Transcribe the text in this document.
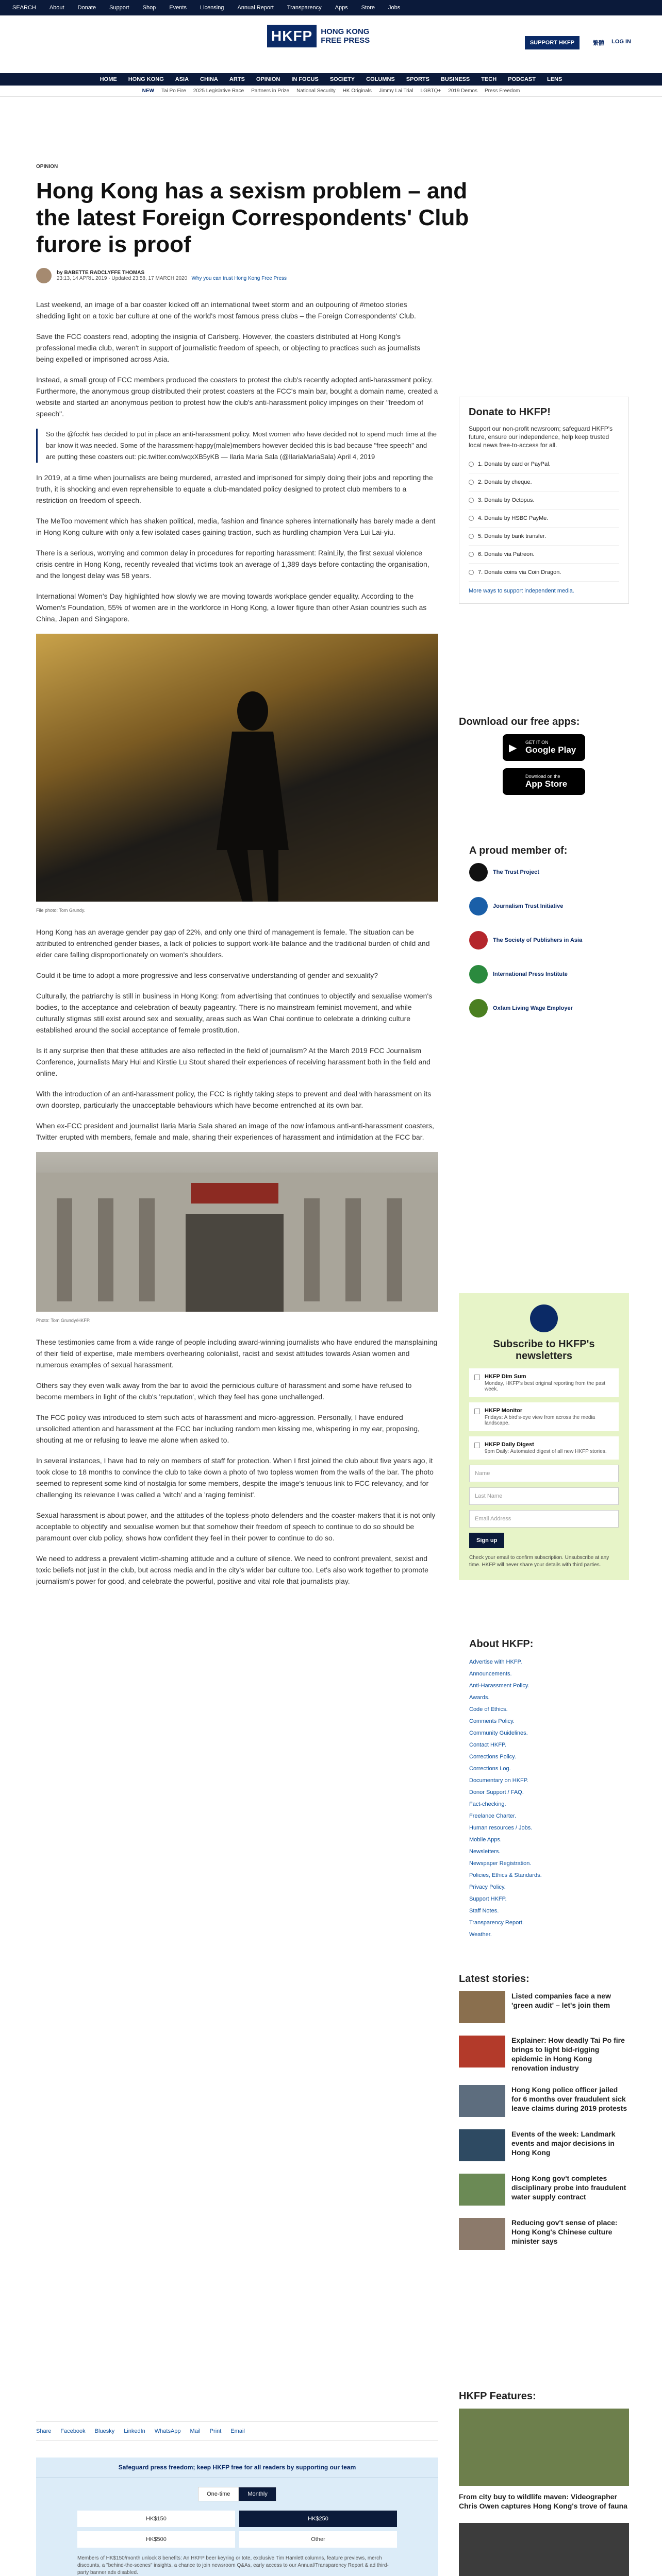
SEARCH About Donate Support Shop Events Licensing Annual Report Transparency Apps Store Jobs
HKFP	HONG KONG
FREE PRESS	SUPPORT HKFP	繁體 LOG IN
HOME HONG KONG ASIA CHINA ARTS OPINION IN FOCUS SOCIETY COLUMNS SPORTS BUSINESS TECH PODCAST LENS
NEW Tai Po Fire 2025 Legislative Race Partners in Prize National Security HK Originals Jimmy Lai Trial LGBTQ+ 2019 Demos Press Freedom
OPINION
Hong Kong has a sexism problem – and the latest Foreign Correspondents' Club furore is proof
by BABETTE RADCLYFFE THOMAS
23:13, 14 APRIL 2019 · Updated 23:58, 17 MARCH 2020 Why you can trust Hong Kong Free Press

Last weekend, an image of a bar coaster kicked off an international tweet storm and an outpouring of #metoo stories shedding light on a toxic bar culture at one of the world's most famous press clubs – the Foreign Correspondents' Club.

Save the FCC coasters read, adopting the insignia of Carlsberg. However, the coasters distributed at Hong Kong's professional media club, weren't in support of journalistic freedom of speech, or objecting to practices such as journalists being expelled or imprisoned across Asia.

Instead, a small group of FCC members produced the coasters to protest the club's recently adopted anti-harassment policy. Furthermore, the anonymous group distributed their protest coasters at the FCC's main bar, bought a domain name, created a website and started an anonymous petition to protest how the club's anti-harassment policy impinges on their "freedom of speech".

So the @fcchk has decided to put in place an anti-harassment policy. Most women who have decided not to spend much time at the bar know it was needed. Some of the harassment-happy(male)members however decided this is bad because "free speech" and are putting these coasters out: pic.twitter.com/wqxXB5yKB — Ilaria Maria Sala (@IlariaMariaSala) April 4, 2019

In 2019, at a time when journalists are being murdered, arrested and imprisoned for simply doing their jobs and reporting the truth, it is shocking and even reprehensible to equate a club-mandated policy designed to protect club members to a restriction on freedom of speech.

The MeToo movement which has shaken political, media, fashion and finance spheres internationally has barely made a dent in Hong Kong culture with only a few isolated cases gaining traction, such as hurdling champion Vera Lui Lai-yiu.

There is a serious, worrying and common delay in procedures for reporting harassment: RainLily, the first sexual violence crisis centre in Hong Kong, recently revealed that victims took an average of 1,389 days before contacting the organisation, and the longest delay was 58 years.

International Women's Day highlighted how slowly we are moving towards workplace gender equality. According to the Women's Foundation, 55% of women are in the workforce in Hong Kong, a lower figure than other Asian countries such as China, Japan and Singapore.

File photo: Tom Grundy.

Hong Kong has an average gender pay gap of 22%, and only one third of management is female. The situation can be attributed to entrenched gender biases, a lack of policies to support work-life balance and the traditional burden of child and elder care falling disproportionately on women's shoulders.

Could it be time to adopt a more progressive and less conservative understanding of gender and sexuality?

Culturally, the patriarchy is still in business in Hong Kong: from advertising that continues to objectify and sexualise women's bodies, to the acceptance and celebration of beauty pageantry. There is no mainstream feminist movement, and while culturally stigmas still exist around sex and sexuality, areas such as Wan Chai continue to celebrate a drinking culture established around the social acceptance of female prostitution.

Is it any surprise then that these attitudes are also reflected in the field of journalism? At the March 2019 FCC Journalism Conference, journalists Mary Hui and Kirstie Lu Stout shared their experiences of receiving harassment both in the field and online.

With the introduction of an anti-harassment policy, the FCC is rightly taking steps to prevent and deal with harassment on its own doorstep, particularly the unacceptable behaviours which have become entrenched at its own bar.

When ex-FCC president and journalist Ilaria Maria Sala shared an image of the now infamous anti-anti-harassment coasters, Twitter erupted with members, female and male, sharing their experiences of harassment and intimidation at the FCC bar.

Photo: Tom Grundy/HKFP.

These testimonies came from a wide range of people including award-winning journalists who have endured the mansplaining of their field of expertise, male members overhearing colonialist, racist and sexist attitudes towards Asian women and numerous examples of sexual harassment.

Others say they even walk away from the bar to avoid the pernicious culture of harassment and some have refused to become members in light of the club's 'reputation', which they feel has gone unchallenged.

The FCC policy was introduced to stem such acts of harassment and micro-aggression. Personally, I have endured unsolicited attention and harassment at the FCC bar including random men kissing me, whispering in my ear, proposing, shouting at me or refusing to leave me alone when asked to.

In several instances, I have had to rely on members of staff for protection. When I first joined the club about five years ago, it took close to 18 months to convince the club to take down a photo of two topless women from the walls of the bar. The photo seemed to represent some kind of nostalgia for some members, despite the image's tenuous link to FCC relevancy, and for challenging its relevance I was called a 'witch' and a 'raging feminist'.

Sexual harassment is about power, and the attitudes of the topless-photo defenders and the coaster-makers that it is not only acceptable to objectify and sexualise women but that somehow their freedom of speech to continue to do so should be paramount over club policy, shows how confident they feel in their power to continue to do so.

We need to address a prevalent victim-shaming attitude and a culture of silence. We need to confront prevalent, sexist and toxic beliefs not just in the club, but across media and in the city's wider bar culture too. Let's also work together to promote journalism's power for good, and celebrate the powerful, positive and vital role that journalists play.

Share Facebook Bluesky LinkedIn WhatsApp Mail Print Email
Safeguard press freedom; keep HKFP free for all readers by supporting our team
One-time	Monthly
HK$150	HK$250
HK$500	Other
Members of HK$150/month unlock 8 benefits: An HKFP beer keyring or tote, exclusive Tim Hamlett columns, feature previews, merch discounts, a "behind-the-scenes" insights, a chance to join newsroom Q&As, early access to our Annual/Transparency Report & ad third-party banner ads disabled.
Donate to HKFP!
Support our non-profit newsroom; safeguard HKFP's future, ensure our independence, help keep trusted local news free-to-access for all.
1. Donate by card or PayPal.
2. Donate by cheque.
3. Donate by Octopus.
4. Donate by HSBC PayMe.
5. Donate by bank transfer.
6. Donate via Patreon.
7. Donate coins via Coin Dragon.
More ways to support independent media.
Download our free apps:
▶ GET IT ON
Google Play
Download on the
App Store
A proud member of:
The Trust Project
Journalism Trust Initiative
The Society of Publishers in Asia
International Press Institute
Oxfam Living Wage Employer
Subscribe to HKFP's newsletters
HKFP Dim Sum
Monday, HKFP's best original reporting from the past week.
HKFP Monitor
Fridays: A bird's-eye view from across the media landscape.
HKFP Daily Digest
9pm Daily: Automated digest of all new HKFP stories.
Name
Last Name
Email Address
Sign up
Check your email to confirm subscription. Unsubscribe at any time. HKFP will never share your details with third parties.
About HKFP:
Advertise with HKFP.
Announcements.
Anti-Harassment Policy.
Awards.
Code of Ethics.
Comments Policy.
Community Guidelines.
Contact HKFP.
Corrections Policy.
Corrections Log.
Documentary on HKFP.
Donor Support / FAQ.
Fact-checking.
Freelance Charter.
Human resources / Jobs.
Mobile Apps.
Newsletters.
Newspaper Registration.
Policies, Ethics & Standards.
Privacy Policy.
Support HKFP.
Staff Notes.
Transparency Report.
Weather.
Latest stories:
Listed companies face a new 'green audit' – let's join them
Explainer: How deadly Tai Po fire brings to light bid-rigging epidemic in Hong Kong renovation industry
Hong Kong police officer jailed for 6 months over fraudulent sick leave claims during 2019 protests
Events of the week: Landmark events and major decisions in Hong Kong
Hong Kong gov't completes disciplinary probe into fraudulent water supply contract
Reducing gov't sense of place: Hong Kong's Chinese culture minister says
HKFP Features:
From city buy to wildlife maven: Videographer Chris Owen captures Hong Kong's trove of fauna
